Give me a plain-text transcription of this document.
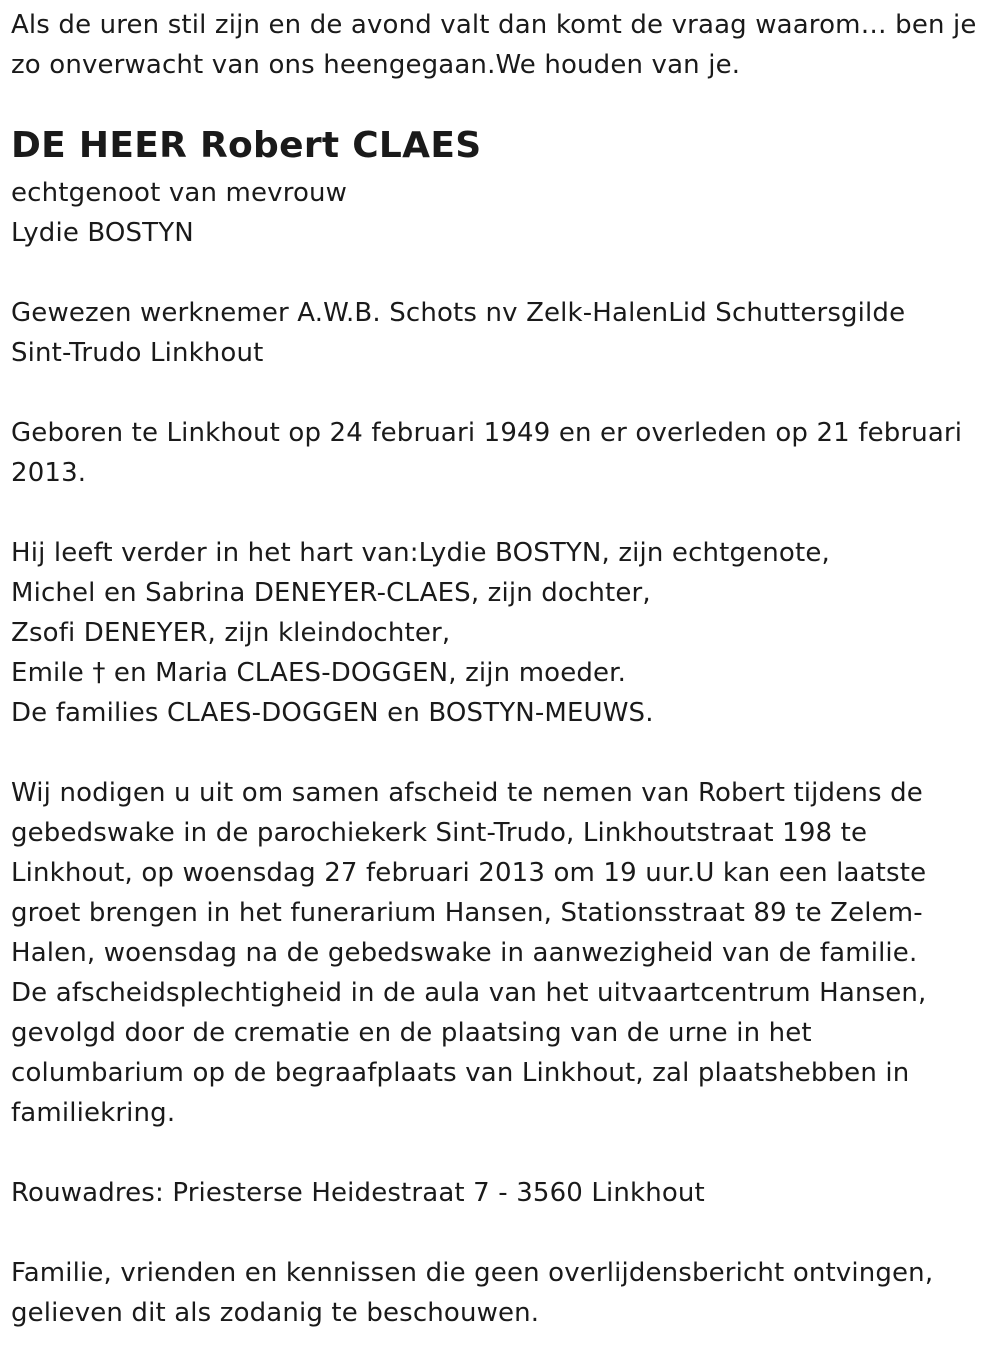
Als de uren stil zijn en de avond valt dan komt de vraag waarom… ben je
zo onverwacht van ons heengegaan.We houden van je.
DE HEER Robert CLAES
echtgenoot van mevrouw
Lydie BOSTYN
Gewezen werknemer A.W.B. Schots nv Zelk-HalenLid Schuttersgilde
Sint-Trudo Linkhout
Geboren te Linkhout op 24 februari 1949 en er overleden op 21 februari
2013.
Hij leeft verder in het hart van:Lydie BOSTYN, zijn echtgenote,
Michel en Sabrina DENEYER-CLAES, zijn dochter,
Zsofi DENEYER, zijn kleindochter,
Emile † en Maria CLAES-DOGGEN, zijn moeder.
De families CLAES-DOGGEN en BOSTYN-MEUWS.
Wij nodigen u uit om samen afscheid te nemen van Robert tijdens de
gebedswake in de parochiekerk Sint-Trudo, Linkhoutstraat 198 te
Linkhout, op woensdag 27 februari 2013 om 19 uur.U kan een laatste
groet brengen in het funerarium Hansen, Stationsstraat 89 te Zelem-
Halen, woensdag na de gebedswake in aanwezigheid van de familie.
De afscheidsplechtigheid in de aula van het uitvaartcentrum Hansen,
gevolgd door de crematie en de plaatsing van de urne in het
columbarium op de begraafplaats van Linkhout, zal plaatshebben in
familiekring.
Rouwadres: Priesterse Heidestraat 7 - 3560 Linkhout
Familie, vrienden en kennissen die geen overlijdensbericht ontvingen,
gelieven dit als zodanig te beschouwen.
